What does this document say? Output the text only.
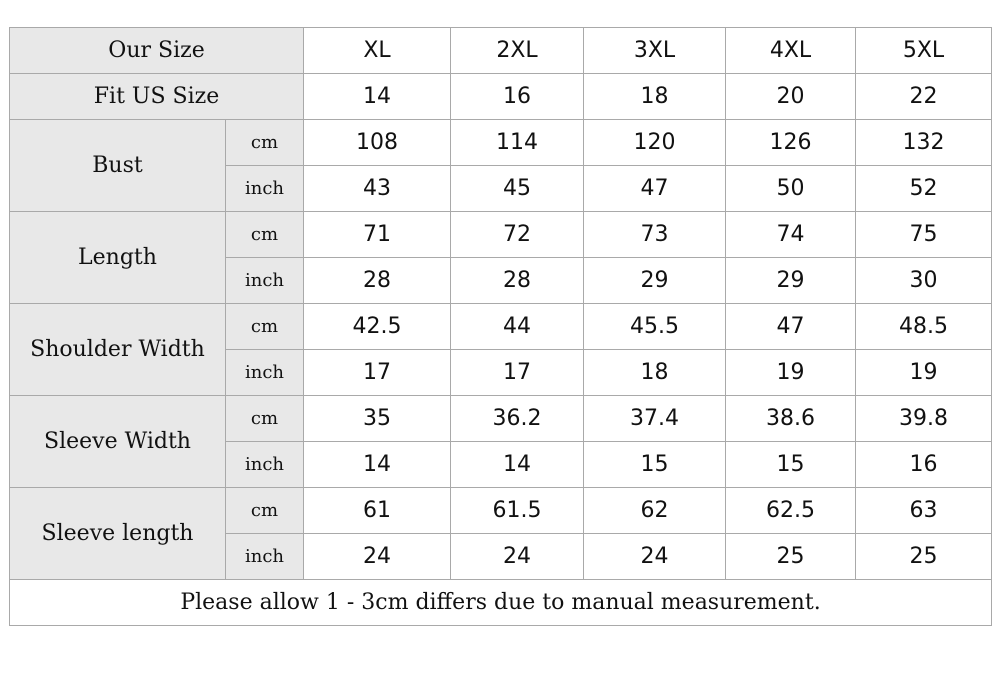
Our Size		XL	2XL	3XL	4XL	5XL
Fit US Size		14	16	18	20	22
Bust	cm	108	114	120	126	132
	inch	43	45	47	50	52
Length	cm	71	72	73	74	75
	inch	28	28	29	29	30
Shoulder Width	cm	42.5	44	45.5	47	48.5
	inch	17	17	18	19	19
Sleeve Width	cm	35	36.2	37.4	38.6	39.8
	inch	14	14	15	15	16
Sleeve length	cm	61	61.5	62	62.5	63
	inch	24	24	24	25	25
Please allow 1 - 3cm differs due to manual measurement.						
